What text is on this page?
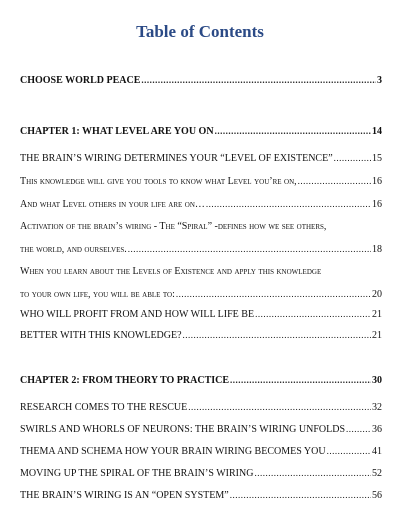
Table of Contents
CHOOSE WORLD PEACE .....	3
CHAPTER 1: WHAT LEVEL ARE YOU ON .....	14
THE BRAIN’S WIRING DETERMINES YOUR “LEVEL OF EXISTENCE” .....	15
This knowledge will give you tools to know what Level you’re on, .....	16
And what Level others in your life are on… .....	16
Activation of the brain’s wiring - The “Spiral” -defines how we see others,
the world, and ourselves. .....	18
When you learn about the Levels of Existence and apply this knowledge
to your own life, you will be able to: .....	20
WHO WILL PROFIT FROM AND HOW WILL LIFE BE .....	21
BETTER WITH THIS KNOWLEDGE? .....	21
CHAPTER 2: FROM THEORY TO PRACTICE .....	30
RESEARCH COMES TO THE RESCUE .....	32
SWIRLS AND WHORLS OF NEURONS: THE BRAIN’S WIRING UNFOLDS .....	36
THEMA AND SCHEMA HOW YOUR BRAIN WIRING BECOMES YOU .....	41
MOVING UP THE SPIRAL OF THE BRAIN’S WIRING .....	52
THE BRAIN’S WIRING IS AN “OPEN SYSTEM” .....	56
